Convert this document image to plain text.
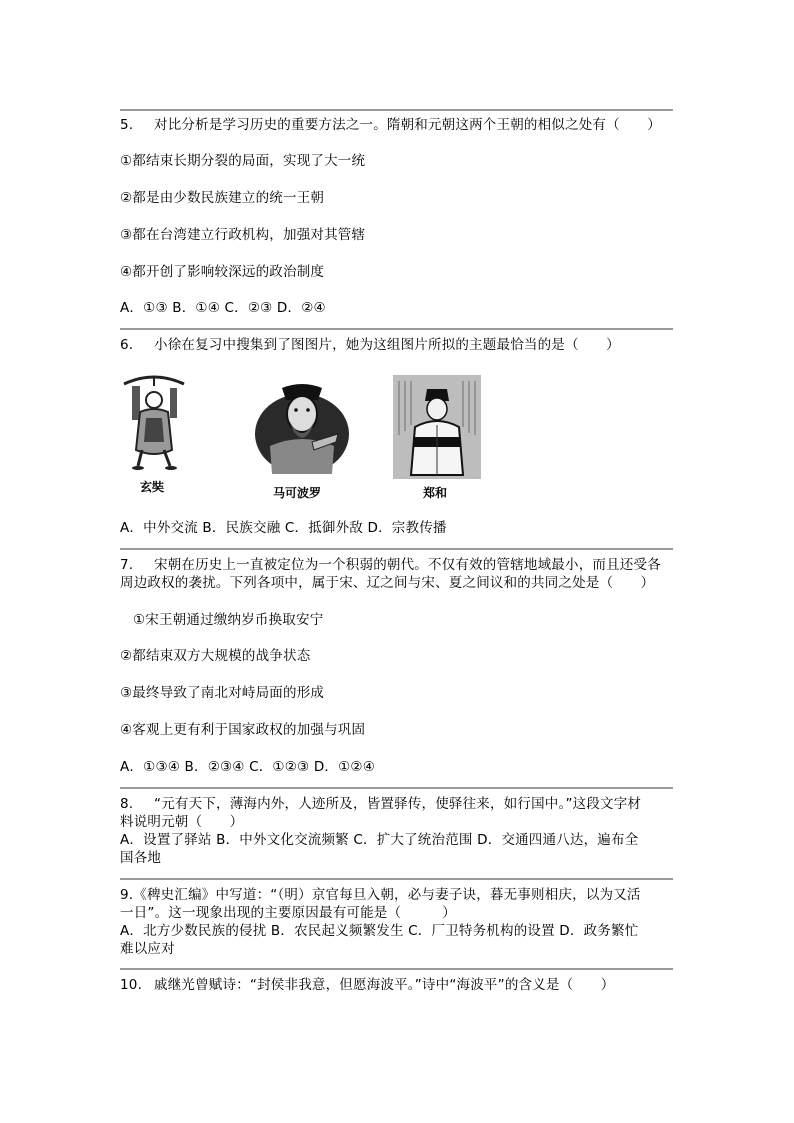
5. 对比分析是学习历史的重要方法之一。隋朝和元朝这两个王朝的相似之处有（　　）
①都结束长期分裂的局面，实现了大一统
②都是由少数民族建立的统一王朝
③都在台湾建立行政机构，加强对其管辖
④都开创了影响较深远的政治制度
A．①③ B．①④ C．②③ D．②④
6. 小徐在复习中搜集到了图图片，她为这组图片所拟的主题最恰当的是（　　）
玄奘	马可波罗	郑和
A．中外交流 B．民族交融 C．抵御外敌 D．宗教传播
7. 宋朝在历史上一直被定位为一个积弱的朝代。不仅有效的管辖地域最小，而且还受各
周边政权的袭扰。下列各项中，属于宋、辽之间与宋、夏之间议和的共同之处是（　　）
①宋王朝通过缴纳岁币换取安宁
②都结束双方大规模的战争状态
③最终导致了南北对峙局面的形成
④客观上更有利于国家政权的加强与巩固
A．①③④ B．②③④ C．①②③ D．①②④
8. “元有天下，薄海内外，人迹所及，皆置驿传，使驿往来，如行国中。”这段文字材
料说明元朝（　　）
A．设置了驿站 B．中外文化交流频繁 C．扩大了统治范围 D．交通四通八达，遍布全
国各地
9.《稗史汇编》中写道：“（明）京官每旦入朝，必与妻子诀，暮无事则相庆，以为又活
一日”。这一现象出现的主要原因最有可能是（　　　）
A．北方少数民族的侵扰 B．农民起义频繁发生 C．厂卫特务机构的设置 D．政务繁忙
难以应对
10. 戚继光曾赋诗：“封侯非我意，但愿海波平。”诗中“海波平”的含义是（　　）
